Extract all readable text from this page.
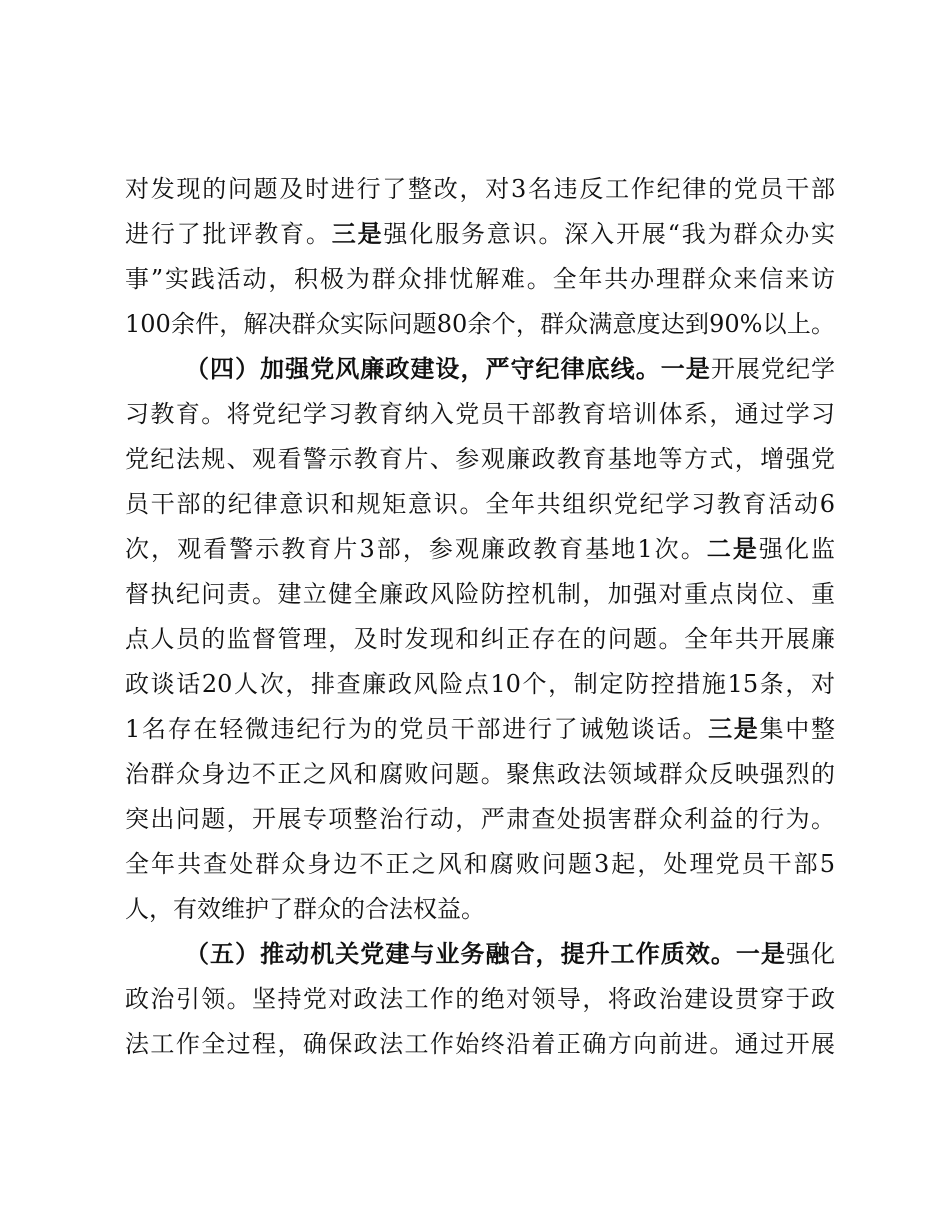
对发现的问题及时进行了整改，对3名违反工作纪律的党员干部
进行了批评教育。三是强化服务意识。深入开展“我为群众办实
事”实践活动，积极为群众排忧解难。全年共办理群众来信来访
100余件，解决群众实际问题80余个，群众满意度达到90%以上。
（四）加强党风廉政建设，严守纪律底线。一是开展党纪学
习教育。将党纪学习教育纳入党员干部教育培训体系，通过学习
党纪法规、观看警示教育片、参观廉政教育基地等方式，增强党
员干部的纪律意识和规矩意识。全年共组织党纪学习教育活动6
次，观看警示教育片3部，参观廉政教育基地1次。二是强化监
督执纪问责。建立健全廉政风险防控机制，加强对重点岗位、重
点人员的监督管理，及时发现和纠正存在的问题。全年共开展廉
政谈话20人次，排查廉政风险点10个，制定防控措施15条，对
1名存在轻微违纪行为的党员干部进行了诫勉谈话。三是集中整
治群众身边不正之风和腐败问题。聚焦政法领域群众反映强烈的
突出问题，开展专项整治行动，严肃查处损害群众利益的行为。
全年共查处群众身边不正之风和腐败问题3起，处理党员干部5
人，有效维护了群众的合法权益。
（五）推动机关党建与业务融合，提升工作质效。一是强化
政治引领。坚持党对政法工作的绝对领导，将政治建设贯穿于政
法工作全过程，确保政法工作始终沿着正确方向前进。通过开展
